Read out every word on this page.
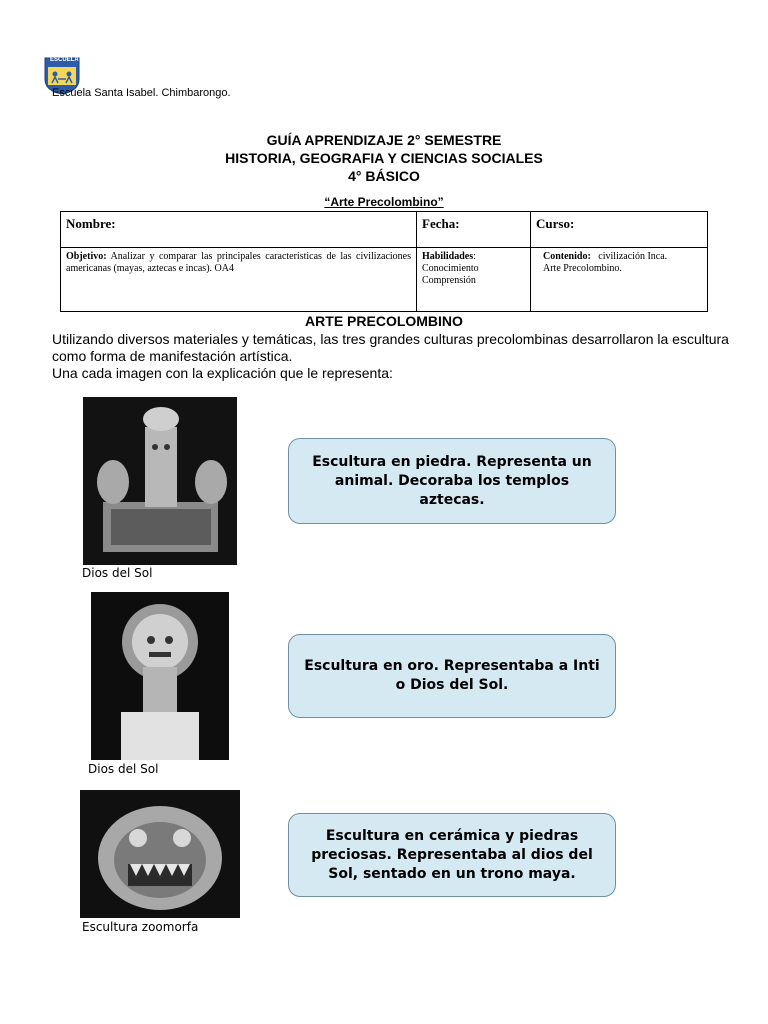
ESCUELA
Escuela Santa Isabel. Chimbarongo.
GUÍA APRENDIZAJE 2° SEMESTRE
HISTORIA, GEOGRAFIA Y CIENCIAS SOCIALES
4° BÁSICO
“Arte Precolombino”
Nombre:	Fecha:	Curso:
Objetivo: Analizar y comparar las principales características de las civilizaciones americanas (mayas, aztecas e incas). OA4	Habilidades:
Conocimiento
Comprensión	Contenido: civilización Inca.
Arte Precolombino.
ARTE PRECOLOMBINO
Utilizando diversos materiales y temáticas, las tres grandes culturas precolombinas desarrollaron la escultura como forma de manifestación artística.
Una cada imagen con la explicación que le representa:
Dios del Sol
Escultura en piedra. Representa un animal. Decoraba los templos aztecas.
Dios del Sol
Escultura en oro. Representaba a Inti o Dios del Sol.
Escultura zoomorfa
Escultura en cerámica y piedras preciosas. Representaba al dios del Sol, sentado en un trono maya.
